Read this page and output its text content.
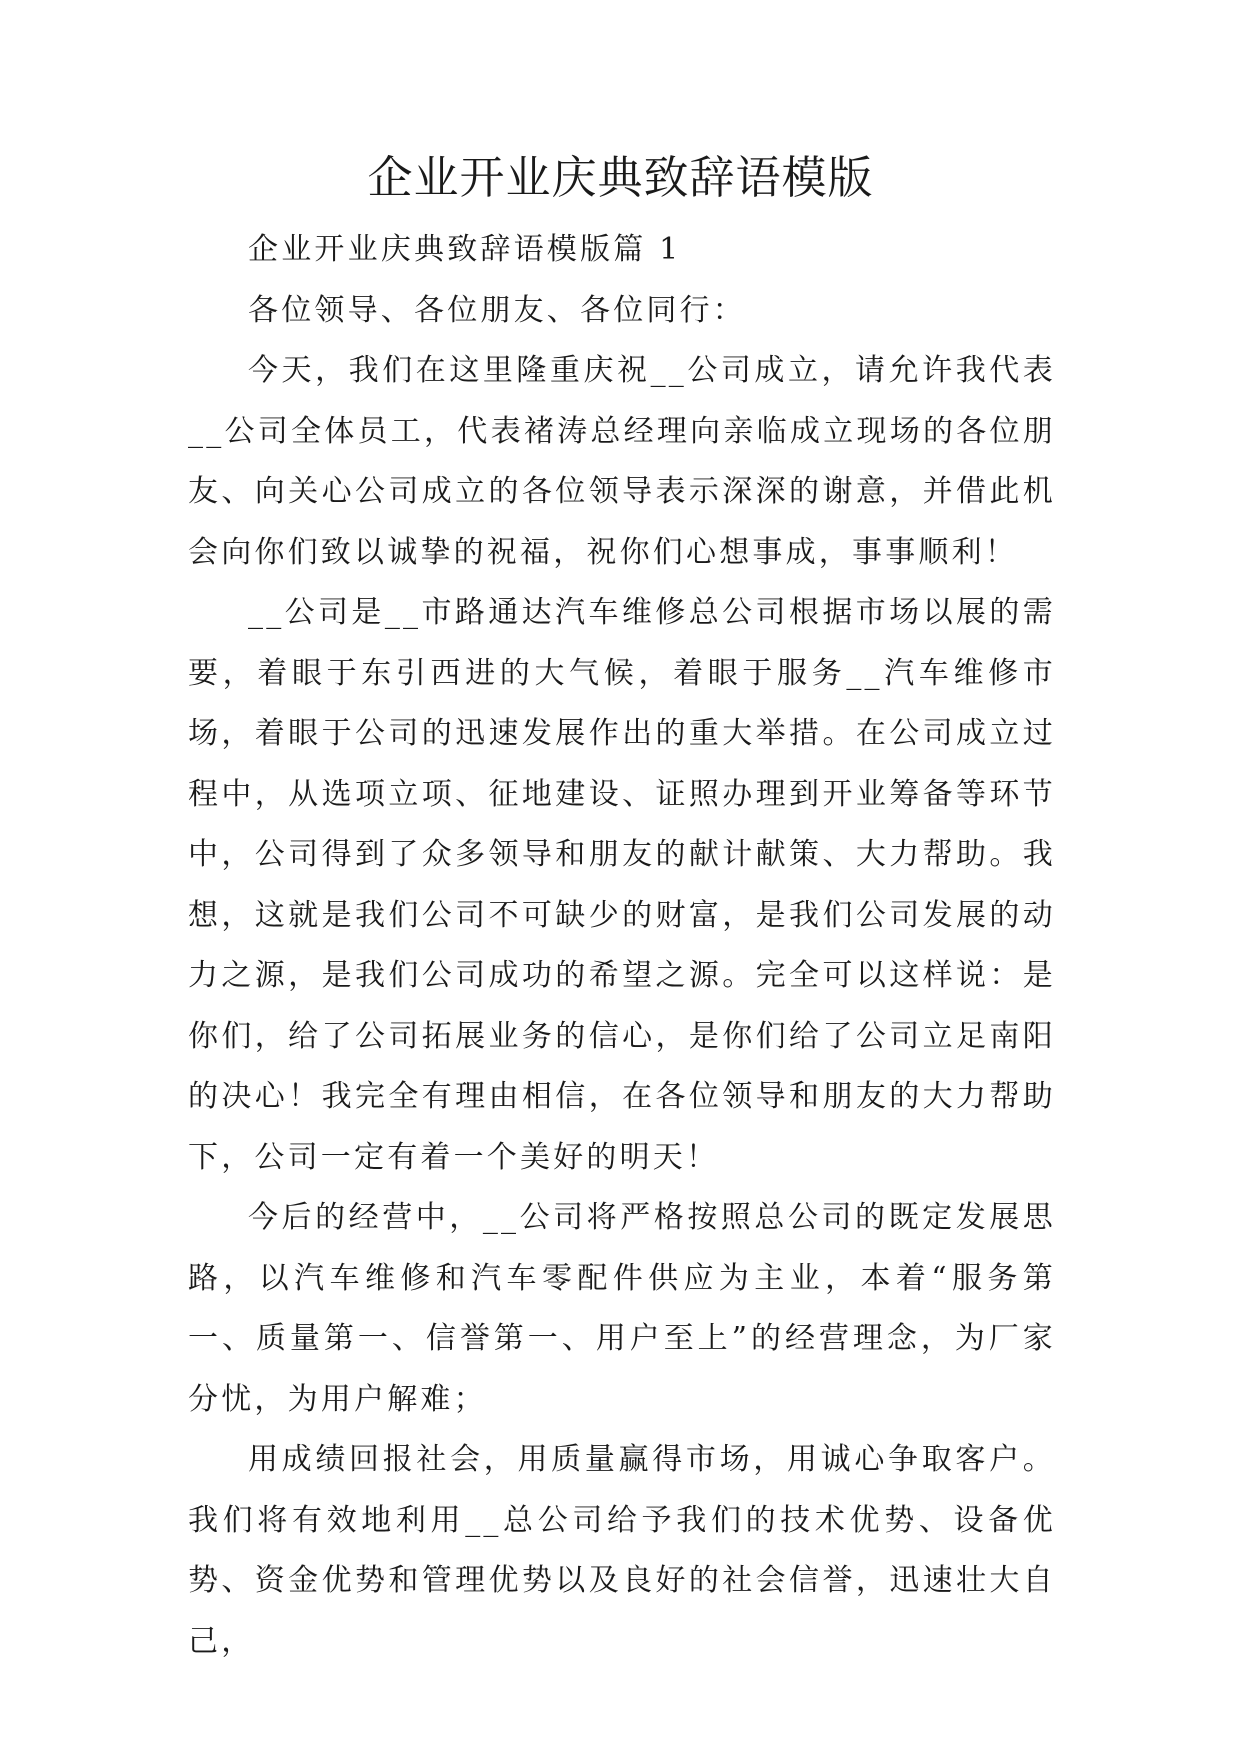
企业开业庆典致辞语模版

企业开业庆典致辞语模版篇 1

各位领导、各位朋友、各位同行：

今天，我们在这里隆重庆祝__公司成立，请允许我代表__公司全体员工，代表褚涛总经理向亲临成立现场的各位朋友、向关心公司成立的各位领导表示深深的谢意，并借此机会向你们致以诚挚的祝福，祝你们心想事成，事事顺利！

__公司是__市路通达汽车维修总公司根据市场以展的需要，着眼于东引西进的大气候，着眼于服务__汽车维修市场，着眼于公司的迅速发展作出的重大举措。在公司成立过程中，从选项立项、征地建设、证照办理到开业筹备等环节中，公司得到了众多领导和朋友的献计献策、大力帮助。我想，这就是我们公司不可缺少的财富，是我们公司发展的动力之源，是我们公司成功的希望之源。完全可以这样说：是你们，给了公司拓展业务的信心，是你们给了公司立足南阳的决心！我完全有理由相信，在各位领导和朋友的大力帮助下，公司一定有着一个美好的明天！

今后的经营中，__公司将严格按照总公司的既定发展思路，以汽车维修和汽车零配件供应为主业，本着“服务第一、质量第一、信誉第一、用户至上”的经营理念，为厂家分忧，为用户解难；

用成绩回报社会，用质量赢得市场，用诚心争取客户。我们将有效地利用__总公司给予我们的技术优势、设备优势、资金优势和管理优势以及良好的社会信誉，迅速壮大自己，
